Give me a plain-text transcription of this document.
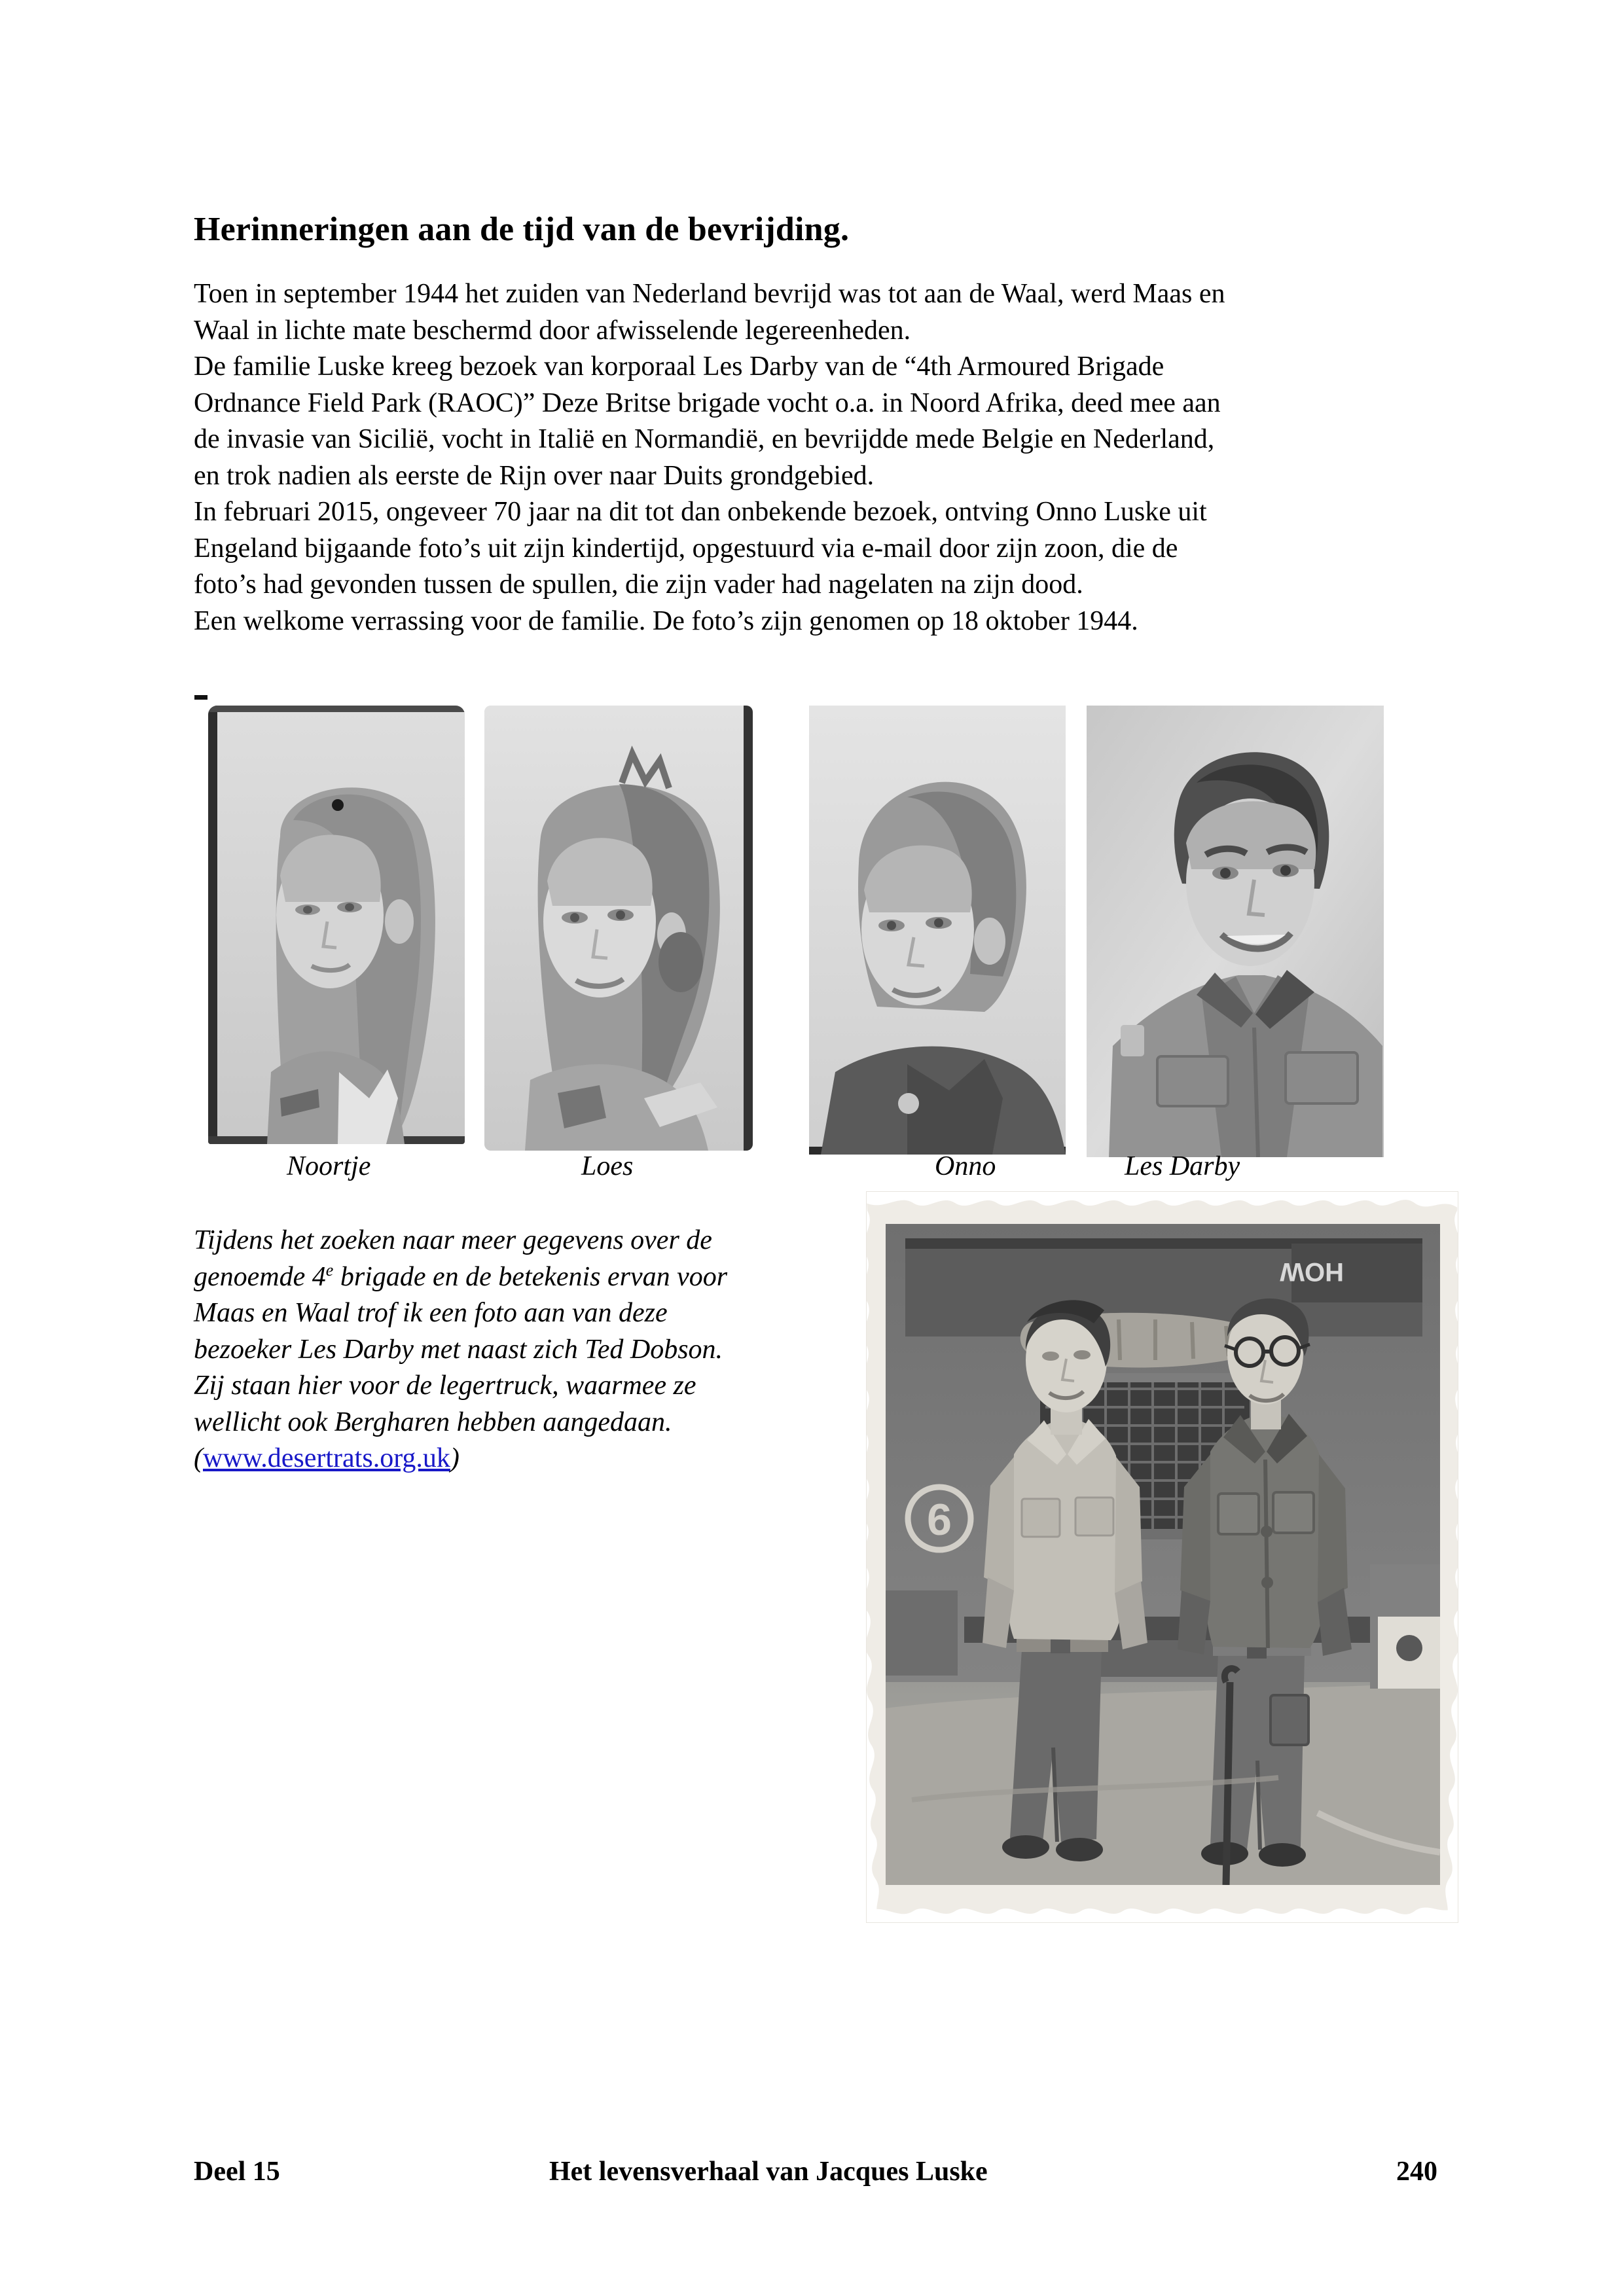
Herinneringen aan de tijd van de bevrijding.
Toen in september 1944 het zuiden van Nederland bevrijd was tot aan de Waal, werd Maas en
Waal in lichte mate beschermd door afwisselende legereenheden.
De familie Luske kreeg bezoek van korporaal Les Darby van de “4th Armoured Brigade
Ordnance Field Park (RAOC)” Deze Britse brigade vocht o.a. in Noord Afrika, deed mee aan
de invasie van Sicilië, vocht in Italië en Normandië, en bevrijdde mede Belgie en Nederland,
en trok nadien als eerste de Rijn over naar Duits grondgebied.
In februari 2015, ongeveer 70 jaar na dit tot dan onbekende bezoek, ontving Onno Luske uit
Engeland bijgaande foto’s uit zijn kindertijd, opgestuurd via e-mail door zijn zoon, die de
foto’s had gevonden tussen de spullen, die zijn vader had nagelaten na zijn dood.
Een welkome verrassing voor de familie. De foto’s zijn genomen op 18 oktober 1944.
Noortje	Loes	Onno	Les Darby
Tijdens het zoeken naar meer gegevens over de
genoemde 4e brigade en de betekenis ervan voor
Maas en Waal trof ik een foto aan van deze
bezoeker Les Darby met naast zich Ted Dobson.
Zij staan hier voor de legertruck, waarmee ze
wellicht ook Bergharen hebben aangedaan.
(www.desertrats.org.uk)
HOW
9
Deel 15	Het levensverhaal van Jacques Luske	240
